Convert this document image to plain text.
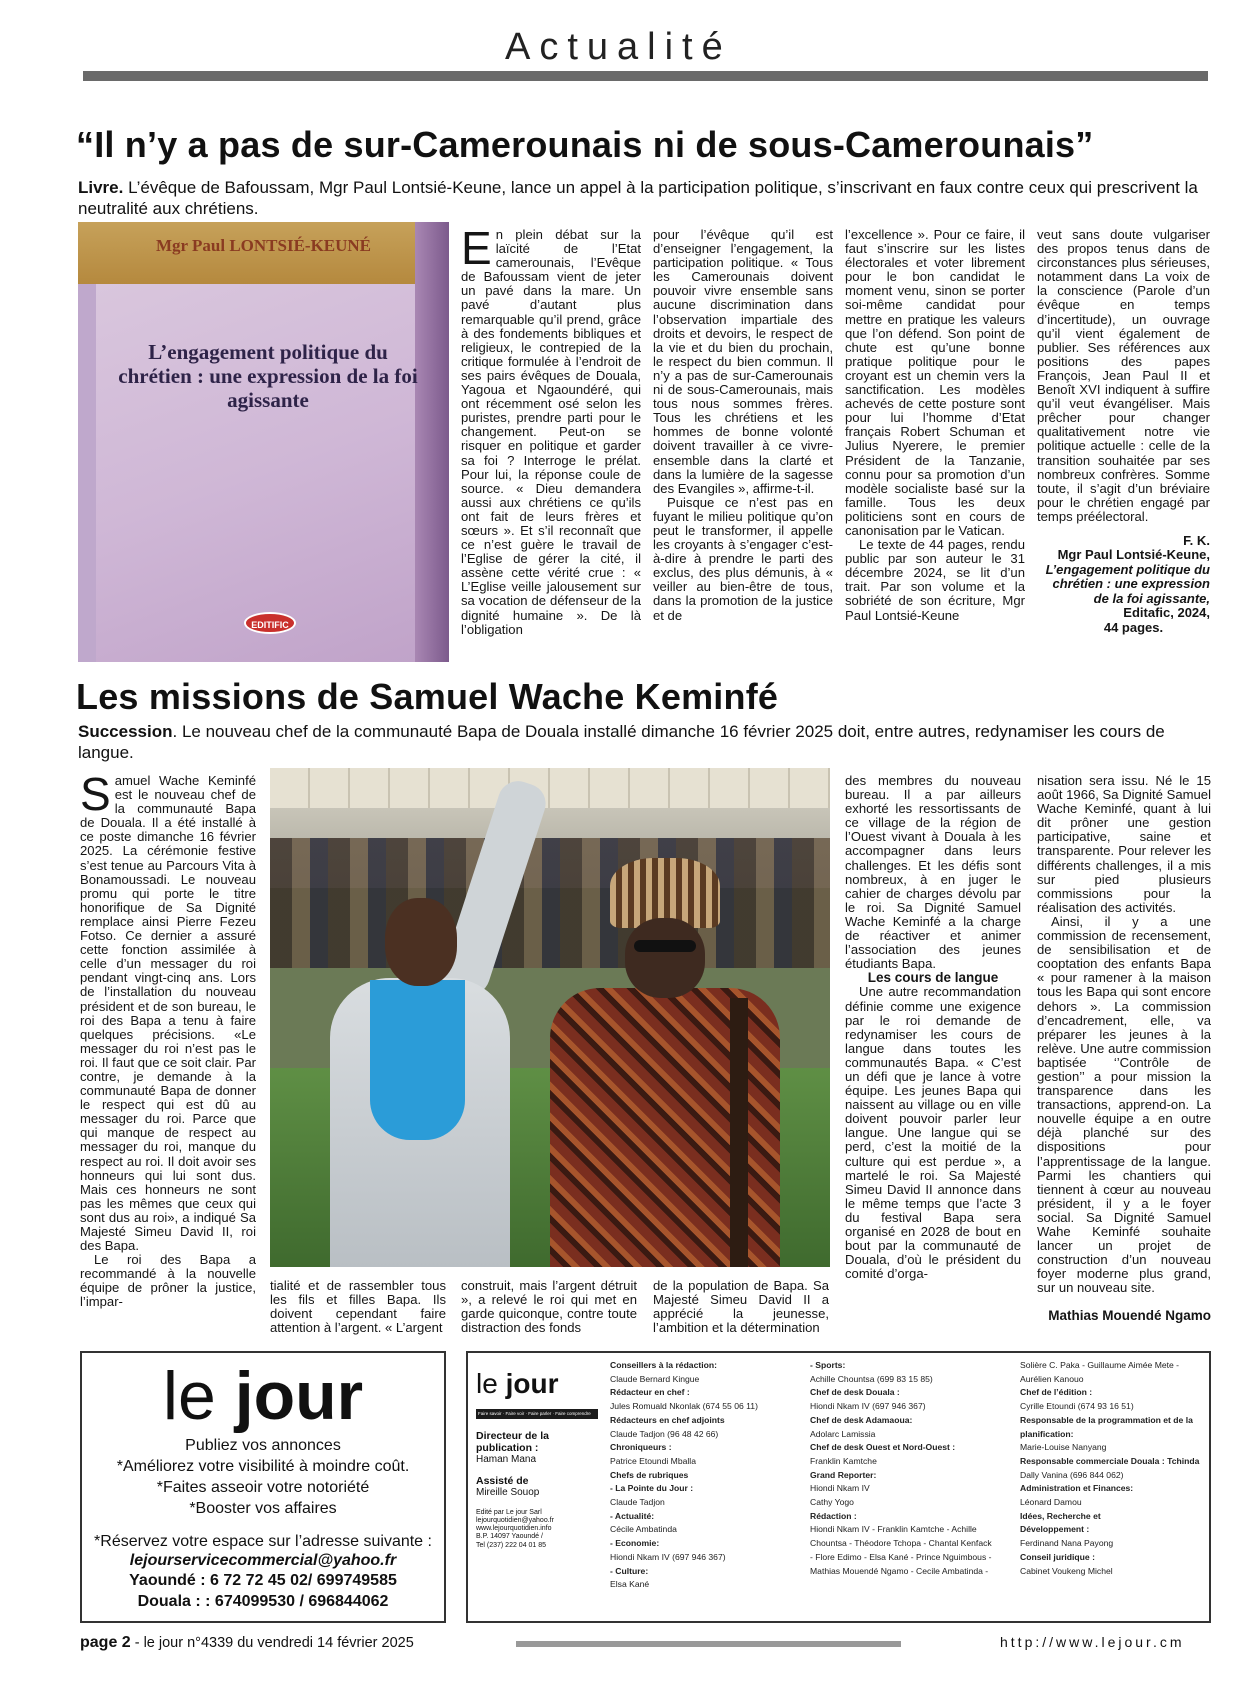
Actualité
“Il n’y a pas de sur-Camerounais ni de sous-Camerounais”
Livre. L’évêque de Bafoussam, Mgr Paul Lontsié-Keune, lance un appel à la participation politique, s’inscrivant en faux contre ceux qui prescrivent la neutralité aux chrétiens.
Mgr Paul LONTSIÉ-KEUNÉ
L’engagement politique du chrétien : une expression de la foi agissante
EDITIFIC
En plein débat sur la laïcité de l’Etat camerounais, l’Evêque de Bafoussam vient de jeter un pavé dans la mare. Un pavé d’autant plus remarquable qu’il prend, grâce à des fondements bibliques et religieux, le contrepied de la critique formulée à l’endroit de ses pairs évêques de Douala, Yagoua et Ngaoundéré, qui ont récemment osé selon les puristes, prendre parti pour le changement. Peut-on se risquer en politique et garder sa foi ? Interroge le prélat. Pour lui, la réponse coule de source. « Dieu demandera aussi aux chrétiens ce qu’ils ont fait de leurs frères et sœurs ». Et s’il reconnaît que ce n’est guère le travail de l’Eglise de gérer la cité, il assène cette vérité crue : « L’Eglise veille jalousement sur sa vocation de défenseur de la dignité humaine ». De là l’obligation

pour l’évêque qu’il est d’enseigner l’engagement, la participation politique. « Tous les Camerounais doivent pouvoir vivre ensemble sans aucune discrimination dans l’observation impartiale des droits et devoirs, le respect de la vie et du bien du prochain, le respect du bien commun. Il n’y a pas de sur-Camerounais ni de sous-Camerounais, mais tous nous sommes frères. Tous les chrétiens et les hommes de bonne volonté doivent travailler à ce vivre-ensemble dans la clarté et dans la lumière de la sagesse des Evangiles », affirme-t-il.

Puisque ce n’est pas en fuyant le milieu politique qu’on peut le transformer, il appelle les croyants à s’engager c’est-à-dire à prendre le parti des exclus, des plus démunis, à « veiller au bien-être de tous, dans la promotion de la justice et de

l’excellence ». Pour ce faire, il faut s’inscrire sur les listes électorales et voter librement pour le bon candidat le moment venu, sinon se porter soi-même candidat pour mettre en pratique les valeurs que l’on défend. Son point de chute est qu’une bonne pratique politique pour le croyant est un chemin vers la sanctification. Les modèles achevés de cette posture sont pour lui l’homme d’Etat français Robert Schuman et Julius Nyerere, le premier Président de la Tanzanie, connu pour sa promotion d’un modèle socialiste basé sur la famille. Tous les deux politiciens sont en cours de canonisation par le Vatican.

Le texte de 44 pages, rendu public par son auteur le 31 décembre 2024, se lit d’un trait. Par son volume et la sobriété de son écriture, Mgr Paul Lontsié-Keune

veut sans doute vulgariser des propos tenus dans de circonstances plus sérieuses, notamment dans La voix de la conscience (Parole d’un évêque en temps d’incertitude), un ouvrage qu’il vient également de publier. Ses références aux positions des papes François, Jean Paul II et Benoît XVI indiquent à suffire qu’il veut évangéliser. Mais prêcher pour changer qualitativement notre vie politique actuelle : celle de la transition souhaitée par ses nombreux confrères. Somme toute, il s’agit d’un bréviaire pour le chrétien engagé par temps préélectoral.

F. K.

Mgr Paul Lontsié-Keune,
L’engagement politique du chrétien : une expression de la foi agissante,
Editafic, 2024,
44 pages.
Les missions de Samuel Wache Keminfé
Succession. Le nouveau chef de la communauté Bapa de Douala installé dimanche 16 février 2025 doit, entre autres, redynamiser les cours de langue.

Samuel Wache Keminfé est le nouveau chef de la communauté Bapa de Douala. Il a été installé à ce poste dimanche 16 février 2025. La cérémonie festive s’est tenue au Parcours Vita à Bonamoussadi. Le nouveau promu qui porte le titre honorifique de Sa Dignité remplace ainsi Pierre Fezeu Fotso. Ce dernier a assuré cette fonction assimilée à celle d’un messager du roi pendant vingt-cinq ans. Lors de l’installation du nouveau président et de son bureau, le roi des Bapa a tenu à faire quelques précisions. «Le messager du roi n’est pas le roi. Il faut que ce soit clair. Par contre, je demande à la communauté Bapa de donner le respect qui est dû au messager du roi. Parce que qui manque de respect au messager du roi, manque du respect au roi. Il doit avoir ses honneurs qui lui sont dus. Mais ces honneurs ne sont pas les mêmes que ceux qui sont dus au roi», a indiqué Sa Majesté Simeu David II, roi des Bapa.

Le roi des Bapa a recommandé à la nouvelle équipe de prôner la justice, l’impar-

tialité et de rassembler tous les fils et filles Bapa. Ils doivent cependant faire attention à l’argent. « L’argent

construit, mais l’argent détruit », a relevé le roi qui met en garde quiconque, contre toute distraction des fonds

de la population de Bapa. Sa Majesté Simeu David II a apprécié la jeunesse, l’ambition et la détermination

des membres du nouveau bureau. Il a par ailleurs exhorté les ressortissants de ce village de la région de l’Ouest vivant à Douala à les accompagner dans leurs challenges. Et les défis sont nombreux, à en juger le cahier de charges dévolu par le roi. Sa Dignité Samuel Wache Keminfé a la charge de réactiver et animer l’association des jeunes étudiants Bapa.

Les cours de langue

Une autre recommandation définie comme une exigence par le roi demande de redynamiser les cours de langue dans toutes les communautés Bapa. « C’est un défi que je lance à votre équipe. Les jeunes Bapa qui naissent au village ou en ville doivent pouvoir parler leur langue. Une langue qui se perd, c’est la moitié de la culture qui est perdue », a martelé le roi. Sa Majesté Simeu David II annonce dans le même temps que l’acte 3 du festival Bapa sera organisé en 2028 de bout en bout par la communauté de Douala, d’où le président du comité d’orga-

nisation sera issu. Né le 15 août 1966, Sa Dignité Samuel Wache Keminfé, quant à lui dit prôner une gestion participative, saine et transparente. Pour relever les différents challenges, il a mis sur pied plusieurs commissions pour la réalisation des activités.

Ainsi, il y a une commission de recensement, de sensibilisation et de cooptation des enfants Bapa « pour ramener à la maison tous les Bapa qui sont encore dehors ». La commission d’encadrement, elle, va préparer les jeunes à la relève. Une autre commission baptisée ‘’Contrôle de gestion’’ a pour mission la transparence dans les transactions, apprend-on. La nouvelle équipe a en outre déjà planché sur des dispositions pour l’apprentissage de la langue. Parmi les chantiers qui tiennent à cœur au nouveau président, il y a le foyer social. Sa Dignité Samuel Wahe Keminfé souhaite lancer un projet de construction d’un nouveau foyer moderne plus grand, sur un nouveau site.

Mathias Mouendé Ngamo

le jour
Publiez vos annonces
*Améliorez votre visibilité à moindre coût.
*Faites asseoir votre notoriété
*Booster vos affaires
*Réservez votre espace sur l’adresse suivante :
lejourservicecommercial@yahoo.fr
Yaoundé : 6 72 72 45 02/ 699749585
Douala : : 674099530 / 696844062
le jour
Faire savoir · Faire voir · Faire parler · Faire comprendre
Directeur de la publication :
Haman Mana
Assisté de
Mireille Souop
Edité par Le jour Sarl
lejourquotidien@yahoo.fr
www.lejourquotidien.info
B.P. 14097 Yaoundé /
Tel (237) 222 04 01 85
Conseillers à la rédaction:
Claude Bernard Kingue
Rédacteur en chef :
Jules Romuald Nkonlak (674 55 06 11)
Rédacteurs en chef adjoints
Claude Tadjon (96 48 42 66)
Chroniqueurs :
Patrice Etoundi Mballa
Chefs de rubriques
- La Pointe du Jour :
Claude Tadjon
- Actualité:
Cécile Ambatinda
- Economie:
Hiondi Nkam IV (697 946 367)
- Culture:
Elsa Kané
- Sports:
Achille Chountsa (699 83 15 85)
Chef de desk Douala :
Hiondi Nkam IV (697 946 367)
Chef de desk Adamaoua:
Adolarc Lamissia
Chef de desk Ouest et Nord-Ouest :
Franklin Kamtche
Grand Reporter:
Hiondi Nkam IV
Cathy Yogo
Rédaction :
Hiondi Nkam IV - Franklin Kamtche - Achille
Chountsa - Théodore Tchopa - Chantal Kenfack
- Flore Edimo - Elsa Kané - Prince Nguimbous -
Mathias Mouendé Ngamo - Cecile Ambatinda -
Solière C. Paka - Guillaume Aimée Mete -
Aurélien Kanouo
Chef de l’édition :
Cyrille Etoundi (674 93 16 51)
Responsable de la programmation et de la
planification:
Marie-Louise Nanyang
Responsable commerciale Douala : Tchinda
Dally Vanina (696 844 062)
Administration et Finances:
Léonard Damou
Idées, Recherche et
Développement :
Ferdinand Nana Payong
Conseil juridique :
Cabinet Voukeng Michel
page 2 - le jour n°4339 du vendredi 14 février 2025	http://www.lejour.cm
